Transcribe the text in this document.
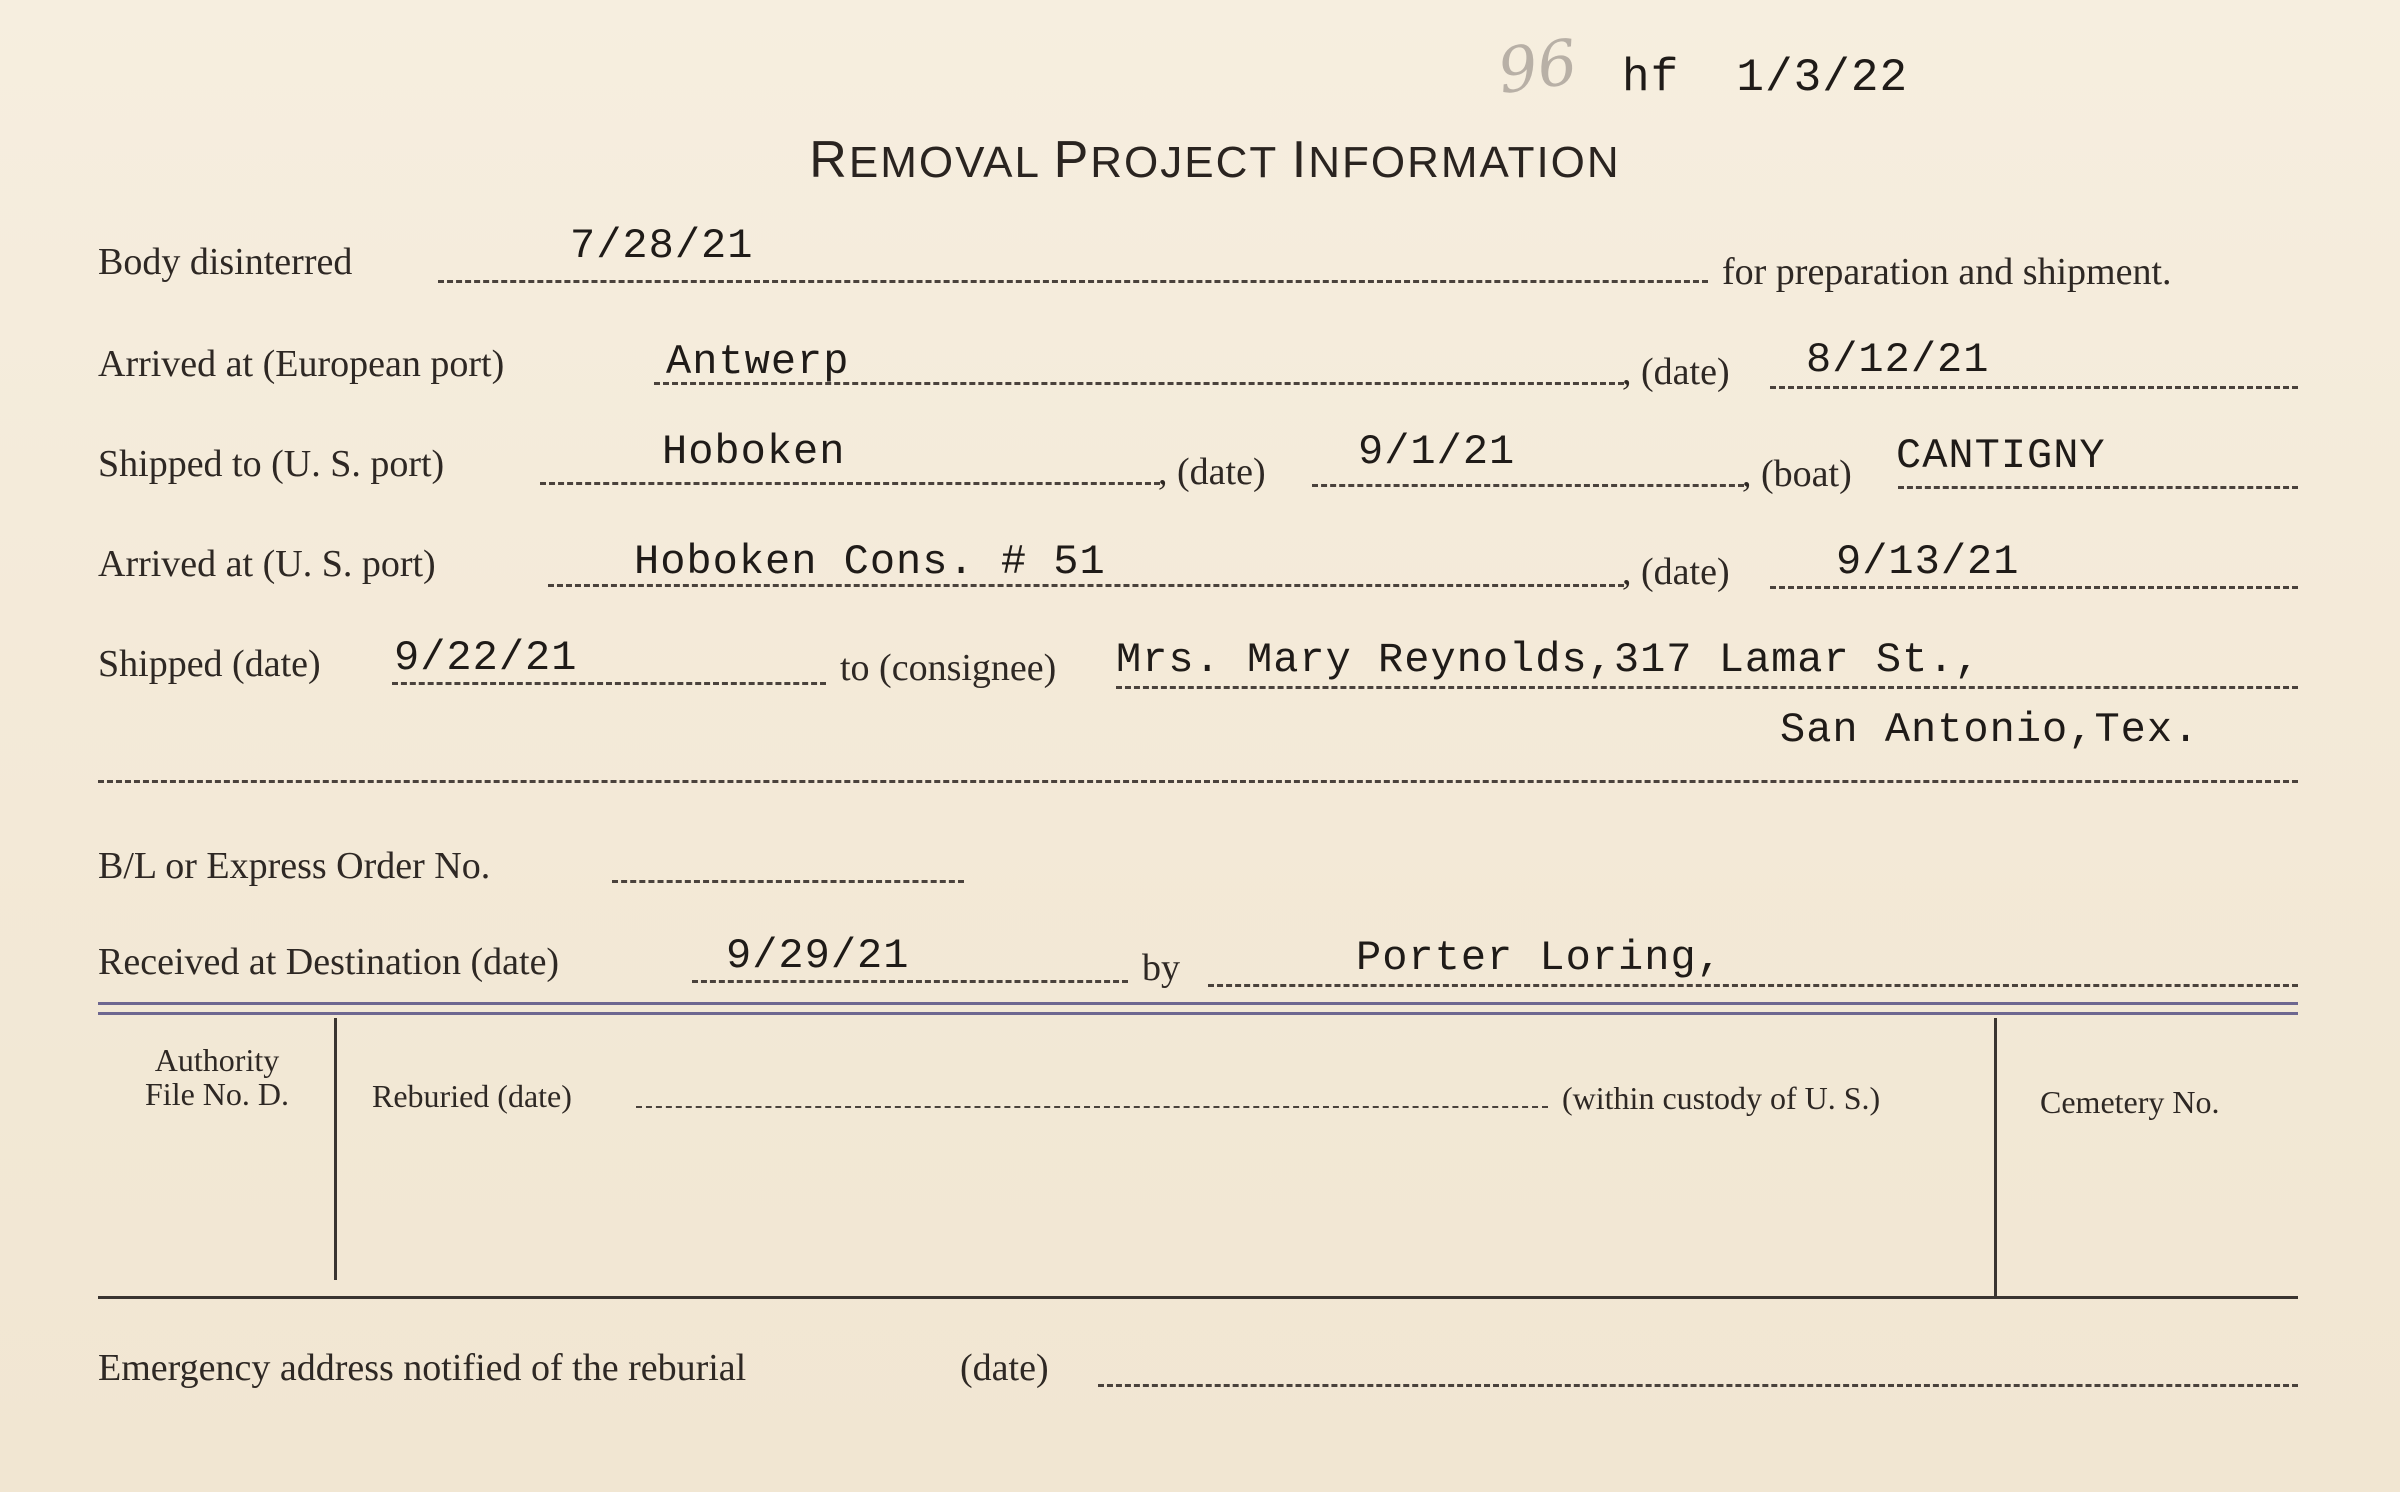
96 hf  1/3/22
REMOVAL PROJECT INFORMATION
Body disinterred	7/28/21
for preparation and shipment.
Arrived at (European port)	Antwerp	, (date) 8/12/21
Shipped to (U. S. port)	Hoboken	, (date) 9/1/21	, (boat) CANTIGNY
Arrived at (U. S. port)	Hoboken Cons. # 51	, (date)	9/13/21
Shipped (date) 9/22/21	to (consignee) Mrs. Mary Reynolds,317 Lamar St.,
San Antonio,Tex.
B/L or Express Order No.
Received at Destination (date)	9/29/21	by	Porter Loring,
Authority
File No. D.	Reburied (date)	(within custody of U. S.)	Cemetery No.
Emergency address notified of the reburial	(date)
